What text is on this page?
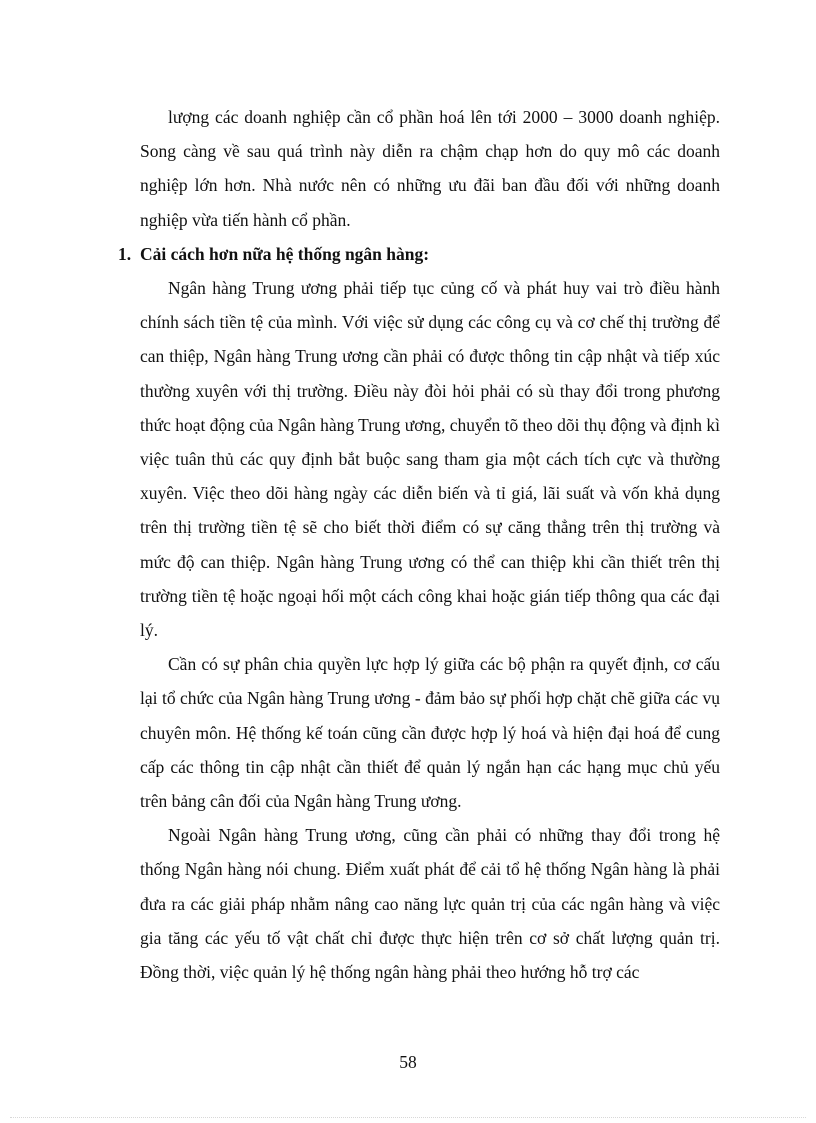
lượng các doanh nghiệp cần cổ phần hoá lên tới 2000 – 3000 doanh nghiệp. Song càng về sau quá trình này diễn ra chậm chạp hơn do quy mô các doanh nghiệp lớn hơn. Nhà nước nên có những ưu đãi ban đầu đối với những doanh nghiệp vừa tiến hành cổ phần.

1. Cải cách hơn nữa hệ thống ngân hàng:

Ngân hàng Trung ương phải tiếp tục củng cố và phát huy vai trò điều hành chính sách tiền tệ của mình. Với việc sử dụng các công cụ và cơ chế thị trường để can thiệp, Ngân hàng Trung ương cần phải có được thông tin cập nhật và tiếp xúc thường xuyên với thị trường. Điều này đòi hỏi phải có sù thay đổi trong phương thức hoạt động của Ngân hàng Trung ương, chuyển tõ theo dõi thụ động và định kì việc tuân thủ các quy định bắt buộc sang tham gia một cách tích cực và thường xuyên. Việc theo dõi hàng ngày các diễn biến và tỉ giá, lãi suất và vốn khả dụng trên thị trường tiền tệ sẽ cho biết thời điểm có sự căng thẳng trên thị trường và mức độ can thiệp. Ngân hàng Trung ương có thể can thiệp khi cần thiết trên thị trường tiền tệ hoặc ngoại hối một cách công khai hoặc gián tiếp thông qua các đại lý.

Cần có sự phân chia quyền lực hợp lý giữa các bộ phận ra quyết định, cơ cấu lại tổ chức của Ngân hàng Trung ương - đảm bảo sự phối hợp chặt chẽ giữa các vụ chuyên môn. Hệ thống kế toán cũng cần được hợp lý hoá và hiện đại hoá để cung cấp các thông tin cập nhật cần thiết để quản lý ngắn hạn các hạng mục chủ yếu trên bảng cân đối của Ngân hàng Trung ương.

Ngoài Ngân hàng Trung ương, cũng cần phải có những thay đổi trong hệ thống Ngân hàng nói chung. Điểm xuất phát để cải tổ hệ thống Ngân hàng là phải đưa ra các giải pháp nhằm nâng cao năng lực quản trị của các ngân hàng và việc gia tăng các yếu tố vật chất chỉ được thực hiện trên cơ sở chất lượng quản trị. Đồng thời, việc quản lý hệ thống ngân hàng phải theo hướng hỗ trợ các

58
